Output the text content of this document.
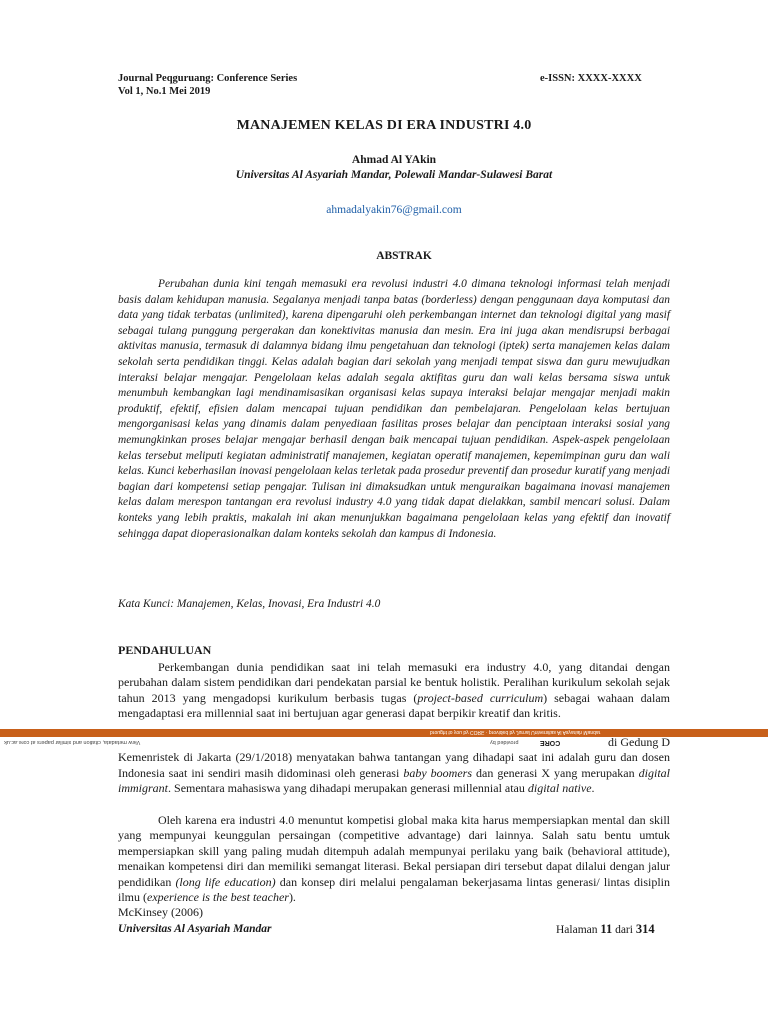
Journal Peqguruang: Conference Series
Vol 1, No.1 Mei 2019
e-ISSN: XXXX-XXXX
MANAJEMEN KELAS DI ERA INDUSTRI 4.0
Ahmad Al YAkin
Universitas Al Asyariah Mandar, Polewali Mandar-Sulawesi Barat
ahmadalyakin76@gmail.com
ABSTRAK

Perubahan dunia kini tengah memasuki era revolusi industri 4.0 dimana teknologi informasi telah menjadi basis dalam kehidupan manusia. Segalanya menjadi tanpa batas (borderless) dengan penggunaan daya komputasi dan data yang tidak terbatas (unlimited), karena dipengaruhi oleh perkembangan internet dan teknologi digital yang masif sebagai tulang punggung pergerakan dan konektivitas manusia dan mesin. Era ini juga akan mendisrupsi berbagai aktivitas manusia, termasuk di dalamnya bidang ilmu pengetahuan dan teknologi (iptek) serta manajemen kelas dalam sekolah serta pendidikan tinggi. Kelas adalah bagian dari sekolah yang menjadi tempat siswa dan guru mewujudkan interaksi belajar mengajar. Pengelolaan kelas adalah segala aktifitas guru dan wali kelas bersama siswa untuk menumbuh kembangkan lagi mendinamisasikan organisasi kelas supaya interaksi belajar mengajar menjadi makin produktif, efektif, efisien dalam mencapai tujuan pendidikan dan pembelajaran. Pengelolaan kelas bertujuan mengorganisasi kelas yang dinamis dalam penyediaan fasilitas proses belajar dan penciptaan interaksi sosial yang memungkinkan proses belajar mengajar berhasil dengan baik mencapai tujuan pendidikan. Aspek-aspek pengelolaan kelas tersebut meliputi kegiatan administratif manajemen, kegiatan operatif manajemen, kepemimpinan guru dan wali kelas. Kunci keberhasilan inovasi pengelolaan kelas terletak pada prosedur preventif dan prosedur kuratif yang menjadi bagian dari kompetensi setiap pengajar. Tulisan ini dimaksudkan untuk menguraikan bagaimana inovasi manajemen kelas dalam merespon tantangan era revolusi industry 4.0 yang tidak dapat dielakkan, sambil mencari solusi. Dalam konteks yang lebih praktis, makalah ini akan menunjukkan bagaimana pengelolaan kelas yang efektif dan inovatif sehingga dapat dioperasionalkan dalam konteks sekolah dan kampus di Indonesia.

Kata Kunci: Manajemen, Kelas, Inovasi, Era Industri 4.0
PENDAHULUAN

Perkembangan dunia pendidikan saat ini telah memasuki era industry 4.0, yang ditandai dengan perubahan dalam sistem pendidikan dari pendekatan parsial ke bentuk holistik. Peralihan kurikulum sekolah sejak tahun 2013 yang mengadopsi kurikulum berbasis tugas (project-based curriculum) sebagai wahaan dalam mengadaptasi era millennial saat ini bertujuan agar generasi dapat berpikir kreatif dan kritis.

brought to you by CORE · provided by Jurnal Universitas Al Asyariah Mandar
View metadata, citation and similar papers at core.ac.uk	provided by	CORE	di Gedung D

Kemenristek di Jakarta (29/1/2018) menyatakan bahwa tantangan yang dihadapi saat ini adalah guru dan dosen Indonesia saat ini sendiri masih didominasi oleh generasi baby boomers dan generasi X yang merupakan digital immigrant. Sementara mahasiswa yang dihadapi merupakan generasi millennial atau digital native.

Oleh karena era industri 4.0 menuntut kompetisi global maka kita harus mempersiapkan mental dan skill yang mempunyai keunggulan persaingan (competitive advantage) dari lainnya. Salah satu bentu umtuk mempersiapkan skill yang paling mudah ditempuh adalah mempunyai perilaku yang baik (behavioral attitude), menaikan kompetensi diri dan memiliki semangat literasi. Bekal persiapan diri tersebut dapat dilalui dengan jalur pendidikan (long life education) dan konsep diri melalui pengalaman bekerjasama lintas generasi/ lintas disiplin ilmu (experience is the best teacher).
McKinsey (2006)

Universitas Al Asyariah Mandar	Halaman 11 dari 314
